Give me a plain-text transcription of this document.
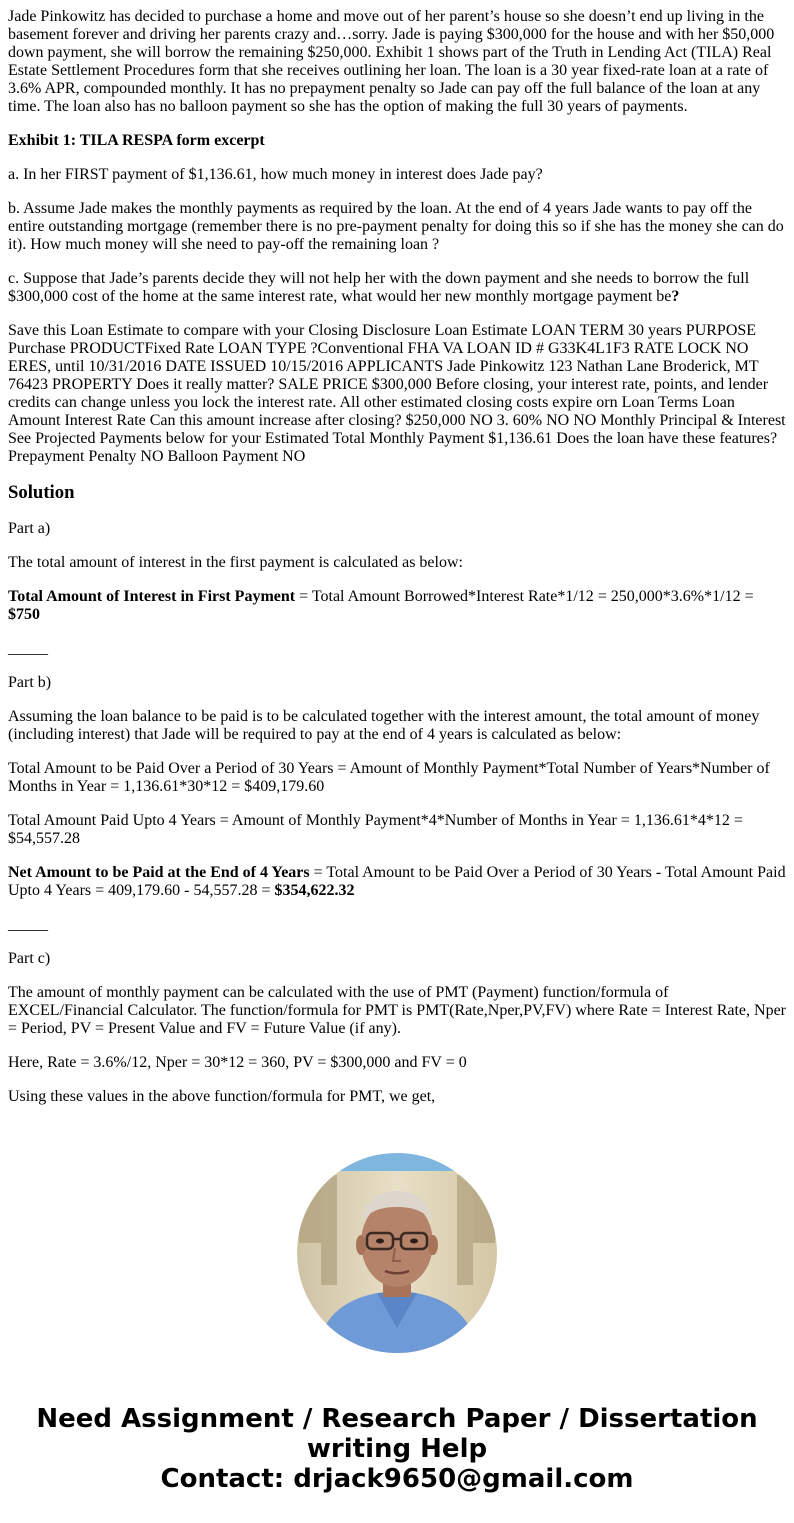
Jade Pinkowitz has decided to purchase a home and move out of her parent’s house so she doesn’t end up living in the basement forever and driving her parents crazy and…sorry. Jade is paying $300,000 for the house and with her $50,000 down payment, she will borrow the remaining $250,000. Exhibit 1 shows part of the Truth in Lending Act (TILA) Real Estate Settlement Procedures form that she receives outlining her loan. The loan is a 30 year fixed-rate loan at a rate of 3.6% APR, compounded monthly. It has no prepayment penalty so Jade can pay off the full balance of the loan at any time. The loan also has no balloon payment so she has the option of making the full 30 years of payments.

Exhibit 1: TILA RESPA form excerpt

a. In her FIRST payment of $1,136.61, how much money in interest does Jade pay?

b. Assume Jade makes the monthly payments as required by the loan. At the end of 4 years Jade wants to pay off the entire outstanding mortgage (remember there is no pre-payment penalty for doing this so if she has the money she can do it). How much money will she need to pay-off the remaining loan ?

c. Suppose that Jade’s parents decide they will not help her with the down payment and she needs to borrow the full $300,000 cost of the home at the same interest rate, what would her new monthly mortgage payment be?

Save this Loan Estimate to compare with your Closing Disclosure Loan Estimate LOAN TERM 30 years PURPOSE Purchase PRODUCTFixed Rate LOAN TYPE ?Conventional FHA VA LOAN ID # G33K4L1F3 RATE LOCK NO ERES, until 10/31/2016 DATE ISSUED 10/15/2016 APPLICANTS Jade Pinkowitz 123 Nathan Lane Broderick, MT 76423 PROPERTY Does it really matter? SALE PRICE $300,000 Before closing, your interest rate, points, and lender credits can change unless you lock the interest rate. All other estimated closing costs expire orn Loan Terms Loan Amount Interest Rate Can this amount increase after closing? $250,000 NO 3. 60% NO NO Monthly Principal & Interest See Projected Payments below for your Estimated Total Monthly Payment $1,136.61 Does the loan have these features? Prepayment Penalty NO Balloon Payment NO

Solution

Part a)

The total amount of interest in the first payment is calculated as below:

Total Amount of Interest in First Payment = Total Amount Borrowed*Interest Rate*1/12 = 250,000*3.6%*1/12 = $750

_____

Part b)

Assuming the loan balance to be paid is to be calculated together with the interest amount, the total amount of money (including interest) that Jade will be required to pay at the end of 4 years is calculated as below:

Total Amount to be Paid Over a Period of 30 Years = Amount of Monthly Payment*Total Number of Years*Number of Months in Year = 1,136.61*30*12 = $409,179.60

Total Amount Paid Upto 4 Years = Amount of Monthly Payment*4*Number of Months in Year = 1,136.61*4*12 = $54,557.28

Net Amount to be Paid at the End of 4 Years = Total Amount to be Paid Over a Period of 30 Years - Total Amount Paid Upto 4 Years = 409,179.60 - 54,557.28 = $354,622.32

_____

Part c)

The amount of monthly payment can be calculated with the use of PMT (Payment) function/formula of EXCEL/Financial Calculator. The function/formula for PMT is PMT(Rate,Nper,PV,FV) where Rate = Interest Rate, Nper = Period, PV = Present Value and FV = Future Value (if any).

Here, Rate = 3.6%/12, Nper = 30*12 = 360, PV = $300,000 and FV = 0

Using these values in the above function/formula for PMT, we get,

Need Assignment / Research Paper / Dissertation writing Help
Contact: drjack9650@gmail.com
